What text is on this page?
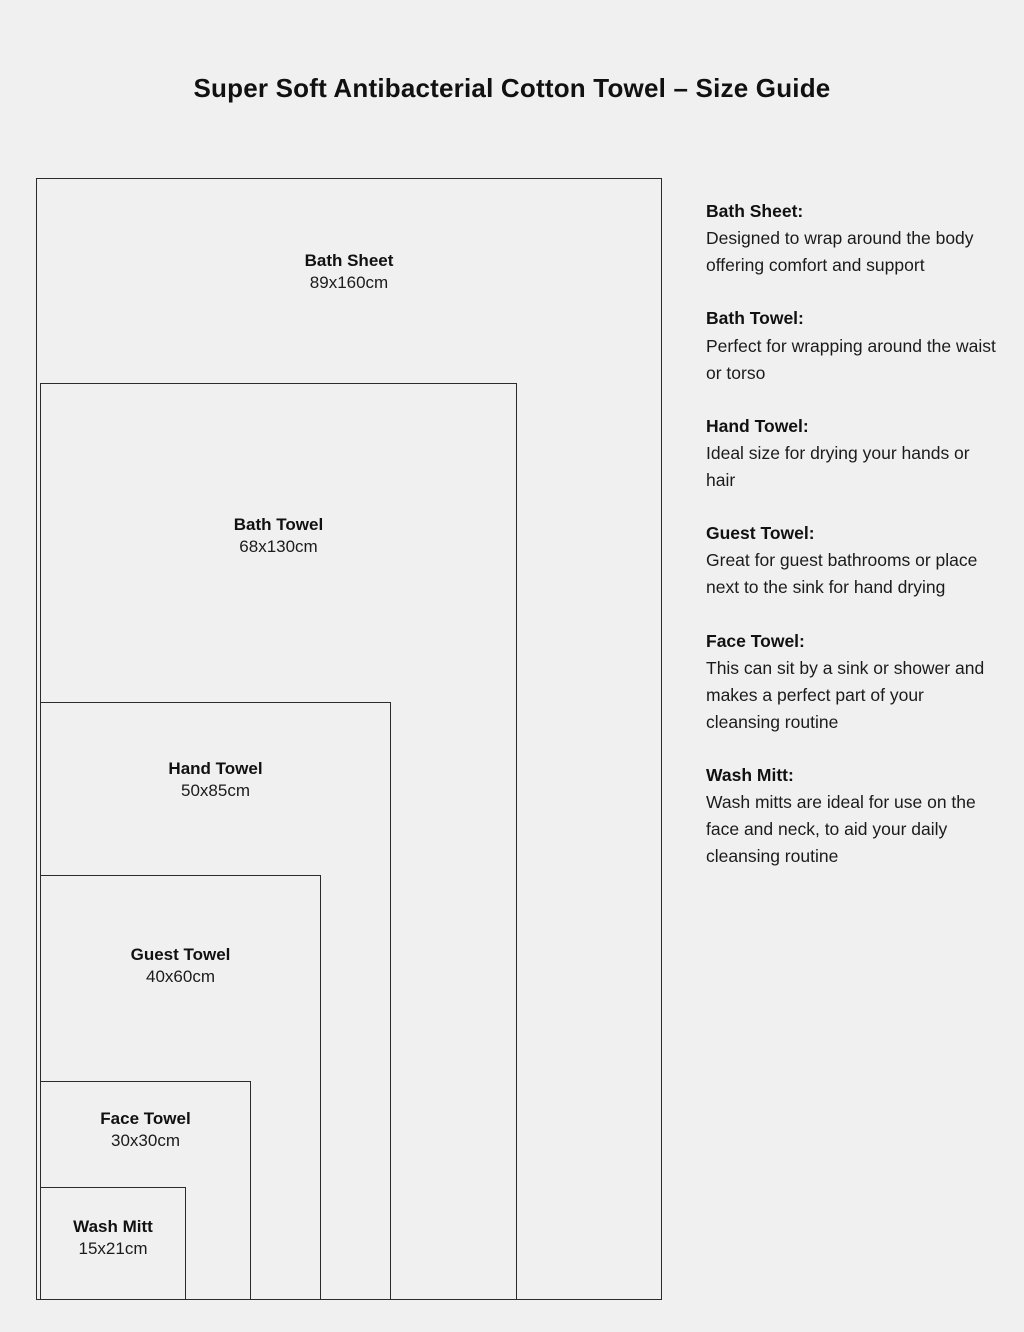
Super Soft Antibacterial Cotton Towel – Size Guide
Bath Sheet
89x160cm
Bath Towel
68x130cm
Hand Towel
50x85cm
Guest Towel
40x60cm
Face Towel
30x30cm
Wash Mitt
15x21cm
Bath Sheet:
Designed to wrap around the body offering comfort and support
Bath Towel:
Perfect for wrapping around the waist or torso
Hand Towel:
Ideal size for drying your hands or hair
Guest Towel:
Great for guest bathrooms or place next to the sink for hand drying
Face Towel:
This can sit by a sink or shower and makes a perfect part of your cleansing routine
Wash Mitt:
Wash mitts are ideal for use on the face and neck, to aid your daily cleansing routine
